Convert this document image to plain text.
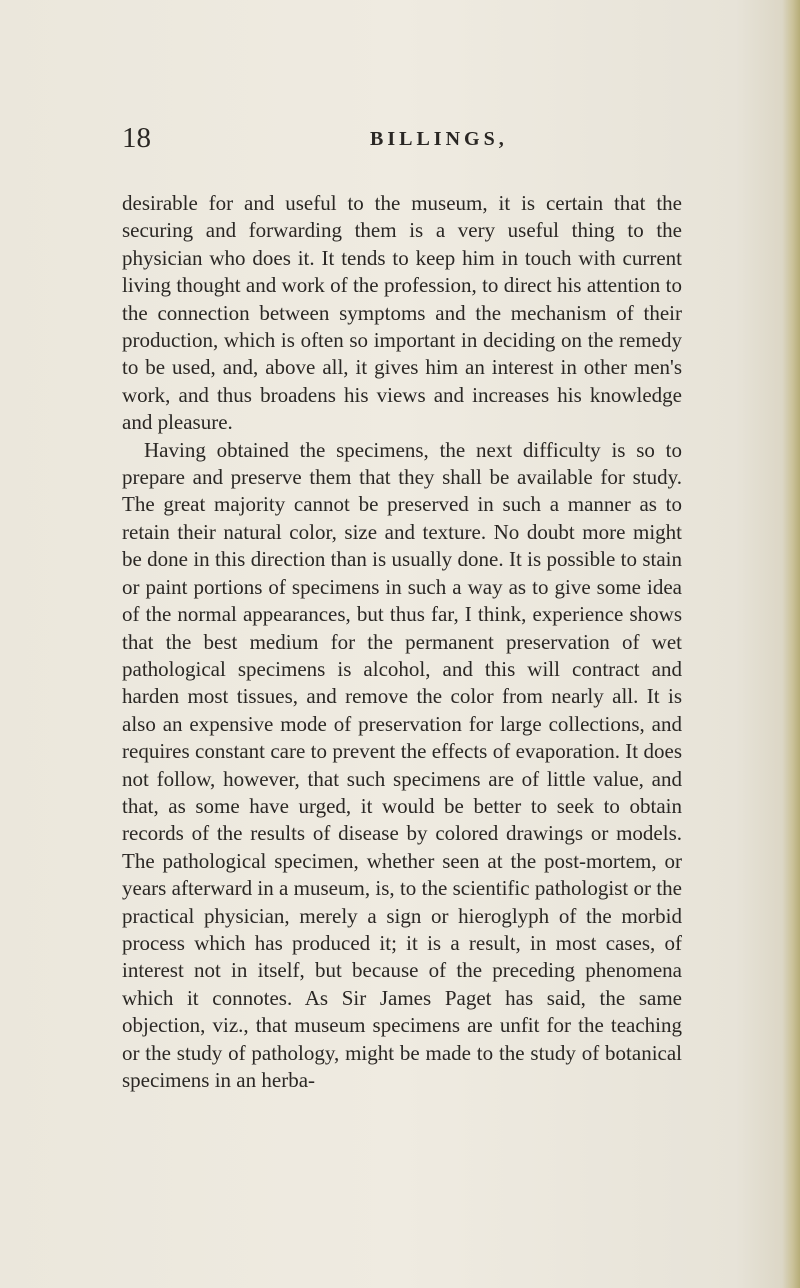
18	BILLINGS,

desirable for and useful to the museum, it is certain that the securing and forwarding them is a very useful thing to the physician who does it. It tends to keep him in touch with current living thought and work of the profession, to direct his attention to the connection between symptoms and the mechanism of their production, which is often so important in deciding on the remedy to be used, and, above all, it gives him an interest in other men's work, and thus broadens his views and increases his knowledge and pleasure.

Having obtained the specimens, the next difficulty is so to prepare and preserve them that they shall be available for study. The great majority cannot be preserved in such a manner as to retain their natural color, size and texture. No doubt more might be done in this direction than is usually done. It is possible to stain or paint portions of specimens in such a way as to give some idea of the normal appearances, but thus far, I think, experience shows that the best medium for the permanent preservation of wet pathological specimens is alcohol, and this will contract and harden most tissues, and remove the color from nearly all. It is also an expensive mode of preservation for large collections, and requires constant care to prevent the effects of evaporation. It does not follow, however, that such specimens are of little value, and that, as some have urged, it would be better to seek to obtain records of the results of disease by colored drawings or models. The pathological specimen, whether seen at the post-mortem, or years afterward in a museum, is, to the scientific pathologist or the practical physician, merely a sign or hieroglyph of the morbid process which has produced it; it is a result, in most cases, of interest not in itself, but because of the preceding phenomena which it connotes. As Sir James Paget has said, the same objection, viz., that museum specimens are unfit for the teaching or the study of pathology, might be made to the study of botanical specimens in an herba-
